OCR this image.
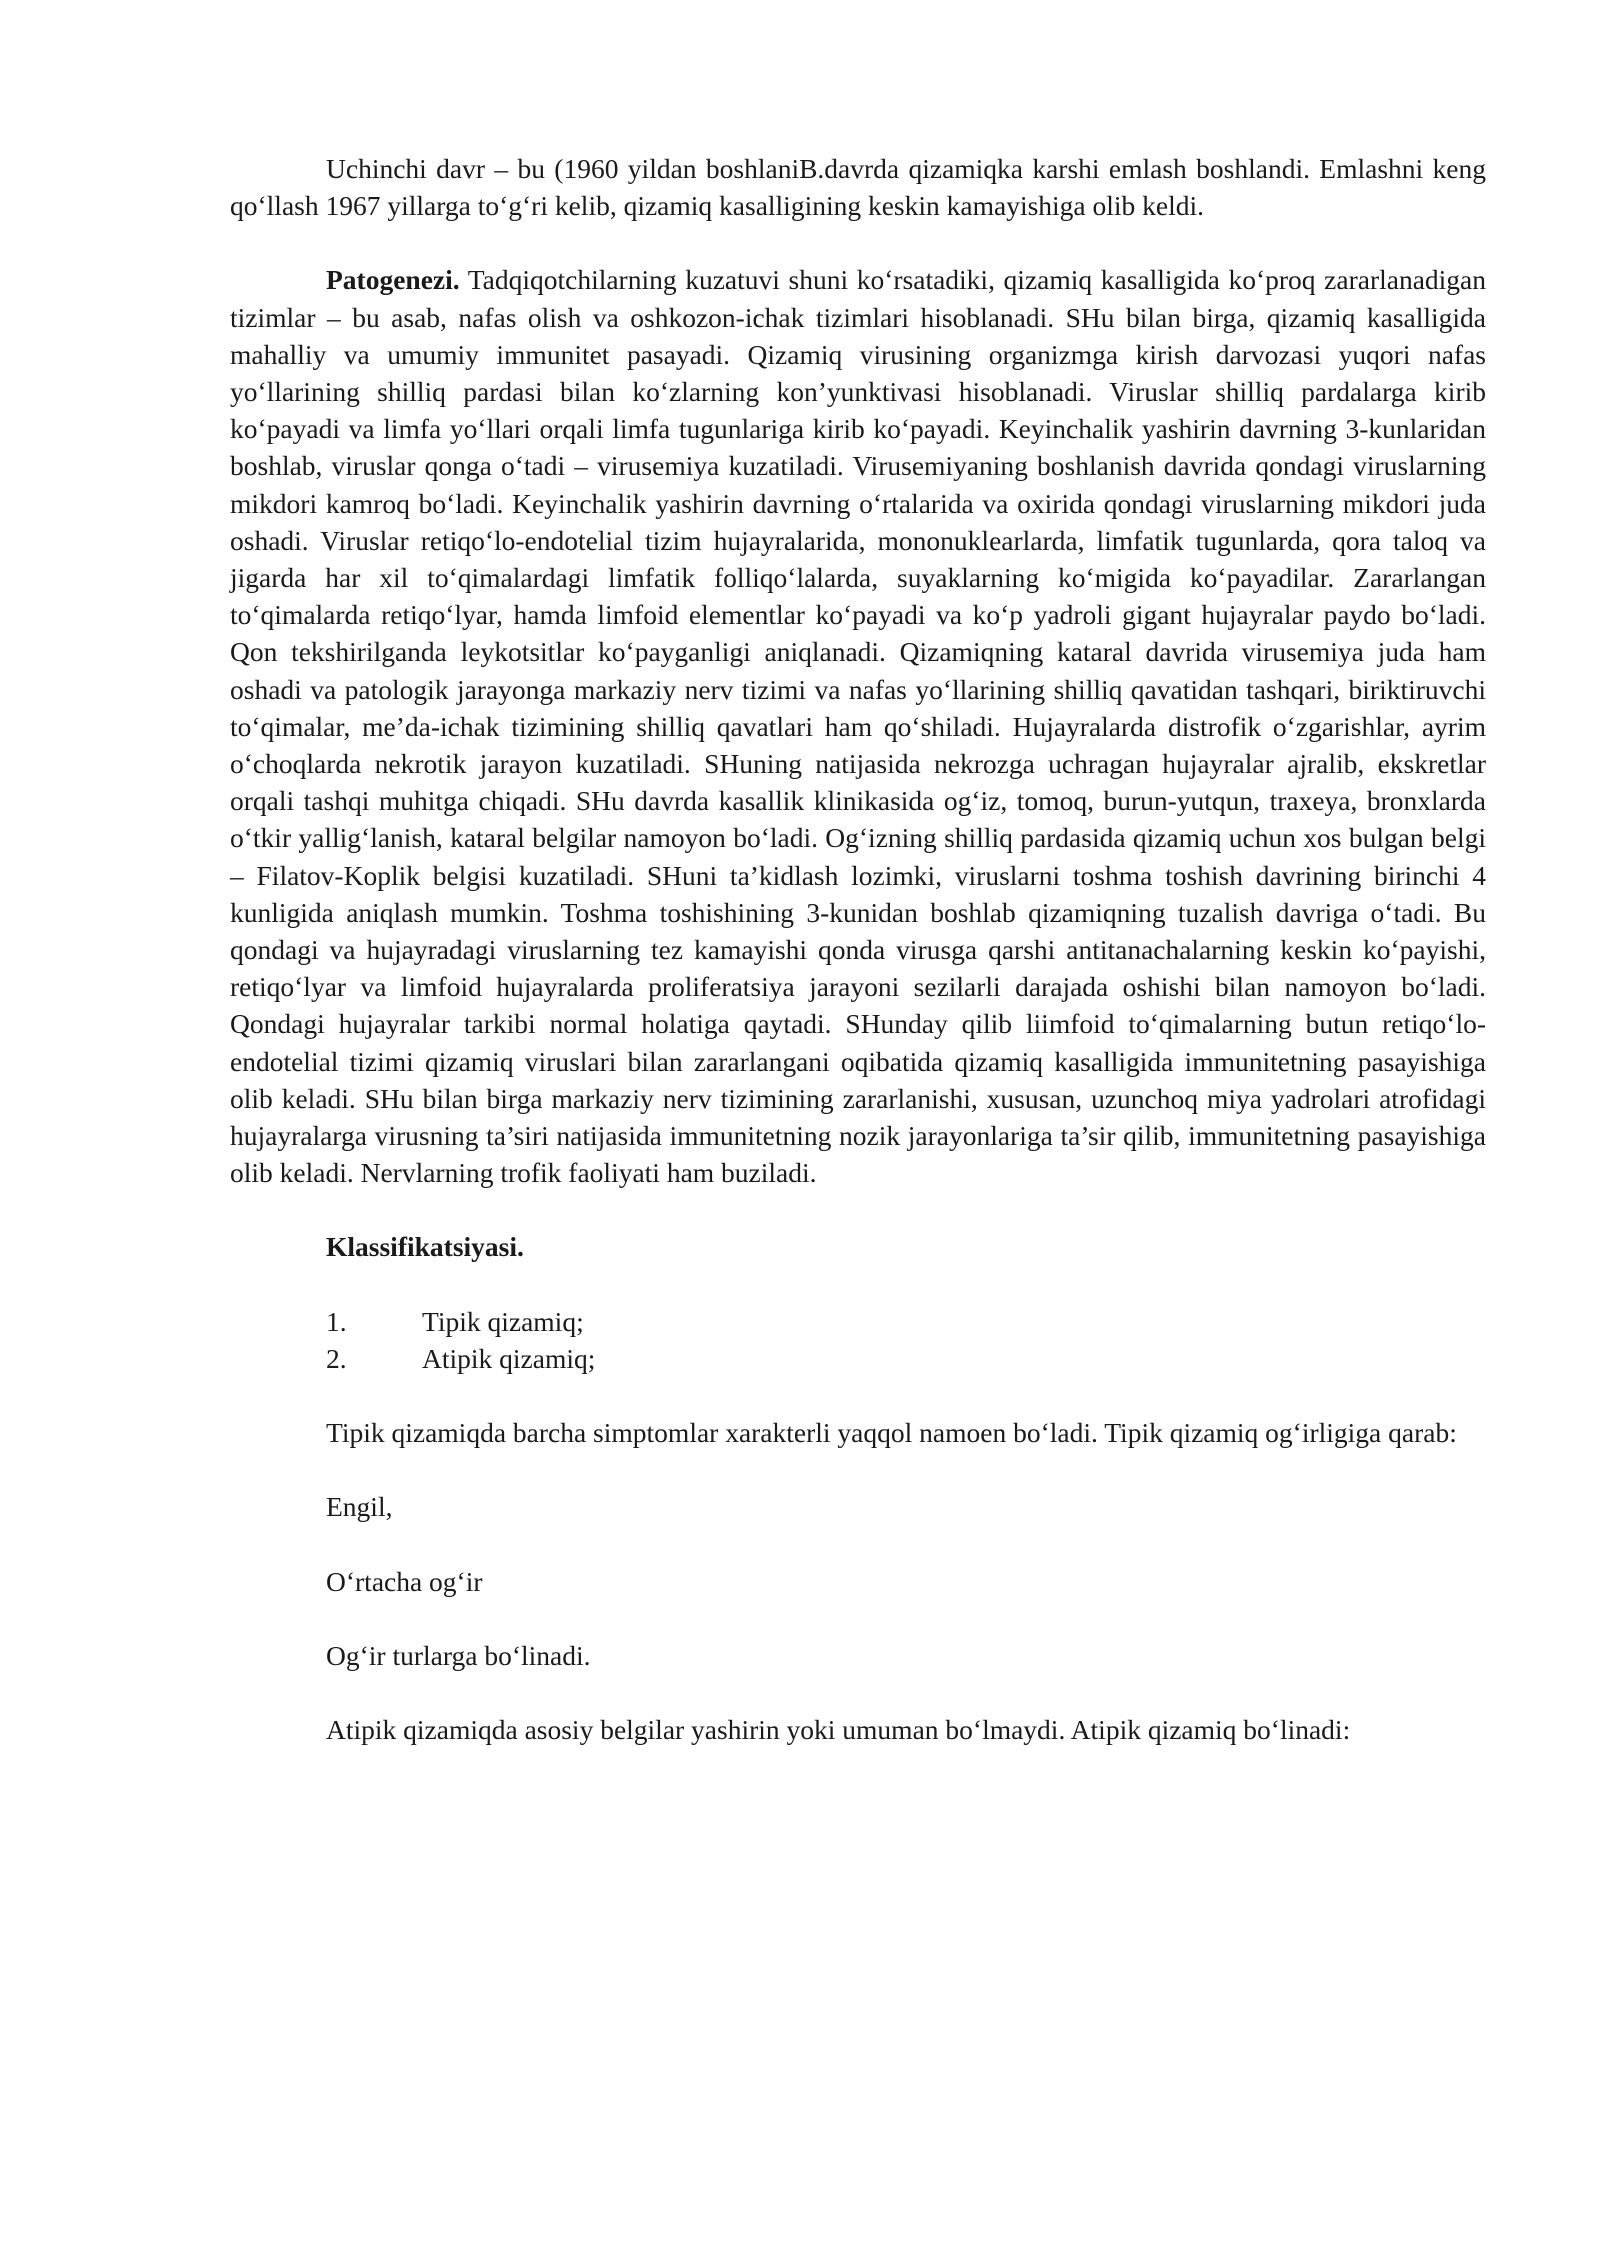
Uchinchi davr – bu (1960 yildan boshlaniB.davrda qizamiqka karshi emlash boshlandi. Emlashni keng qo‘llash 1967 yillarga to‘g‘ri kelib, qizamiq kasalligining keskin kamayishiga olib keldi.

Patogenezi. Tadqiqotchilarning kuzatuvi shuni ko‘rsatadiki, qizamiq kasalligida ko‘proq zararlanadigan tizimlar – bu asab, nafas olish va oshkozon-ichak tizimlari hisoblanadi. SHu bilan birga, qizamiq kasalligida mahalliy va umumiy immunitet pasayadi. Qizamiq virusining organizmga kirish darvozasi yuqori nafas yo‘llarining shilliq pardasi bilan ko‘zlarning kon’yunktivasi hisoblanadi. Viruslar shilliq pardalarga kirib ko‘payadi va limfa yo‘llari orqali limfa tugunlariga kirib ko‘payadi. Keyinchalik yashirin davrning 3-kunlaridan boshlab, viruslar qonga o‘tadi – virusemiya kuzatiladi. Virusemiyaning boshlanish davrida qondagi viruslarning mikdori kamroq bo‘ladi. Keyinchalik yashirin davrning o‘rtalarida va oxirida qondagi viruslarning mikdori juda oshadi. Viruslar retiqo‘lo-endotelial tizim hujayralarida, mononuklearlarda, limfatik tugunlarda, qora taloq va jigarda har xil to‘qimalardagi limfatik folliqo‘lalarda, suyaklarning ko‘migida ko‘payadilar. Zararlangan to‘qimalarda retiqo‘lyar, hamda limfoid elementlar ko‘payadi va ko‘p yadroli gigant hujayralar paydo bo‘ladi. Qon tekshirilganda leykotsitlar ko‘payganligi aniqlanadi. Qizamiqning kataral davrida virusemiya juda ham oshadi va patologik jarayonga markaziy nerv tizimi va nafas yo‘llarining shilliq qavatidan tashqari, biriktiruvchi to‘qimalar, me’da-ichak tizimining shilliq qavatlari ham qo‘shiladi. Hujayralarda distrofik o‘zgarishlar, ayrim o‘choqlarda nekrotik jarayon kuzatiladi. SHuning natijasida nekrozga uchragan hujayralar ajralib, ekskretlar orqali tashqi muhitga chiqadi. SHu davrda kasallik klinikasida og‘iz, tomoq, burun-yutqun, traxeya, bronxlarda o‘tkir yallig‘lanish, kataral belgilar namoyon bo‘ladi. Og‘izning shilliq pardasida qizamiq uchun xos bulgan belgi – Filatov-Koplik belgisi kuzatiladi. SHuni ta’kidlash lozimki, viruslarni toshma toshish davrining birinchi 4 kunligida aniqlash mumkin. Toshma toshishining 3-kunidan boshlab qizamiqning tuzalish davriga o‘tadi. Bu qondagi va hujayradagi viruslarning tez kamayishi qonda virusga qarshi antitanachalarning keskin ko‘payishi, retiqo‘lyar va limfoid hujayralarda proliferatsiya jarayoni sezilarli darajada oshishi bilan namoyon bo‘ladi. Qondagi hujayralar tarkibi normal holatiga qaytadi. SHunday qilib liimfoid to‘qimalarning butun retiqo‘lo-endotelial tizimi qizamiq viruslari bilan zararlangani oqibatida qizamiq kasalligida immunitetning pasayishiga olib keladi. SHu bilan birga markaziy nerv tizimining zararlanishi, xususan, uzunchoq miya yadrolari atrofidagi hujayralarga virusning ta’siri natijasida immunitetning nozik jarayonlariga ta’sir qilib, immunitetning pasayishiga olib keladi. Nervlarning trofik faoliyati ham buziladi.

Klassifikatsiyasi.

1.	Tipik qizamiq;
2.	Atipik qizamiq;

Tipik qizamiqda barcha simptomlar xarakterli yaqqol namoen bo‘ladi. Tipik qizamiq og‘irligiga qarab:

Engil,

O‘rtacha og‘ir

Og‘ir turlarga bo‘linadi.

Atipik qizamiqda asosiy belgilar yashirin yoki umuman bo‘lmaydi. Atipik qizamiq bo‘linadi:
